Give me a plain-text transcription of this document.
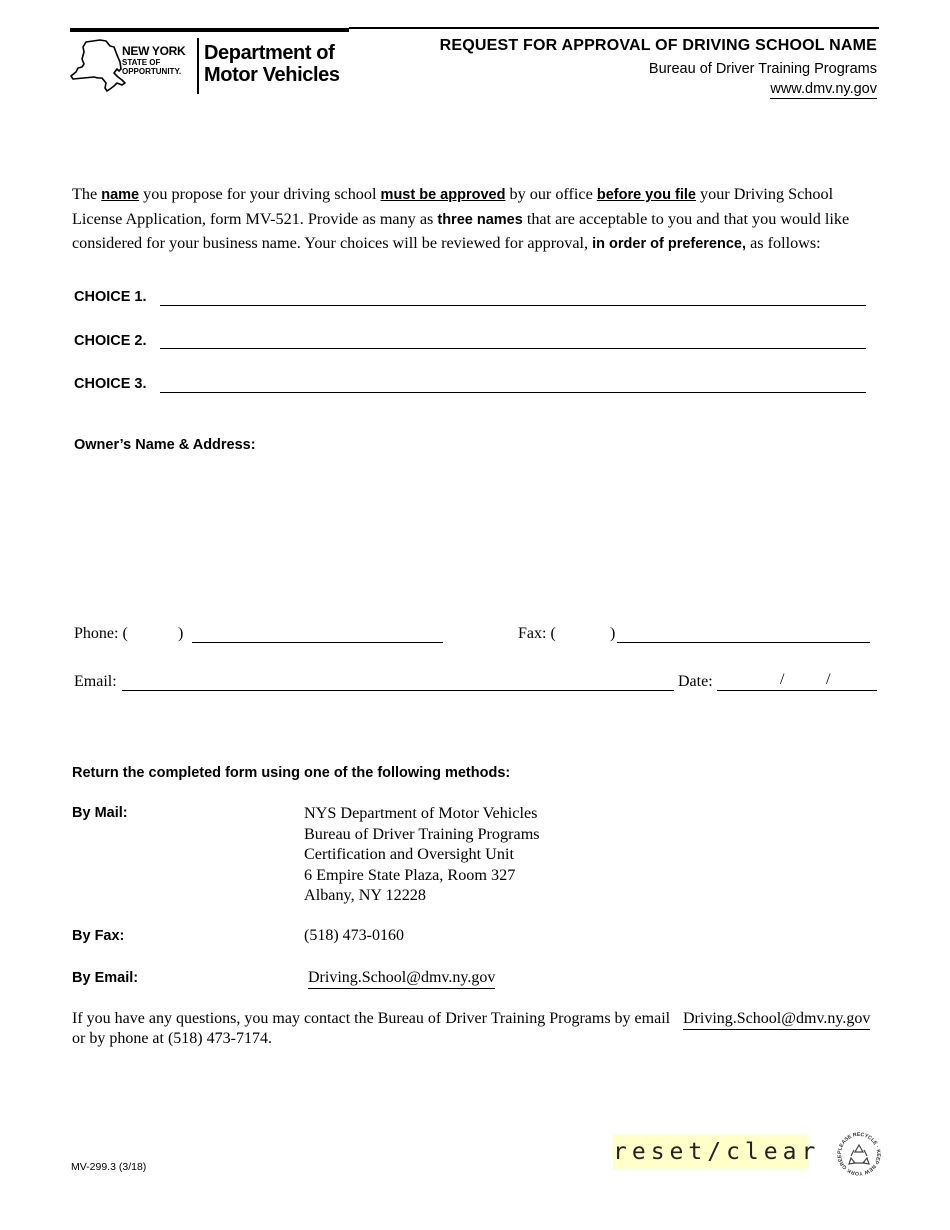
NEW YORK
STATE OF
OPPORTUNITY.
Department of
Motor Vehicles
REQUEST FOR APPROVAL OF DRIVING SCHOOL NAME
Bureau of Driver Training Programs
www.dmv.ny.gov
The name you propose for your driving school must be approved by our office before you file your Driving School License Application, form MV-521. Provide as many as three names that are acceptable to you and that you would like considered for your business name. Your choices will be reviewed for approval, in order of preference, as follows:
CHOICE 1.
CHOICE 2.
CHOICE 3.
Owner’s Name & Address:
Phone: (	)	Fax: (	)
Email:	Date:	/	/
Return the completed form using one of the following methods:
By Mail:	NYS Department of Motor Vehicles
Bureau of Driver Training Programs
Certification and Oversight Unit
6 Empire State Plaza, Room 327
Albany, NY 12228
By Fax:	(518) 473-0160
By Email:	Driving.School@dmv.ny.gov
If you have any questions, you may contact the Bureau of Driver Training Programs by email Driving.School@dmv.ny.gov
or by phone at (518) 473-7174.
MV-299.3 (3/18)
reset/clear	PLEASE RECYCLE · KEEP NEW YORK GREE
